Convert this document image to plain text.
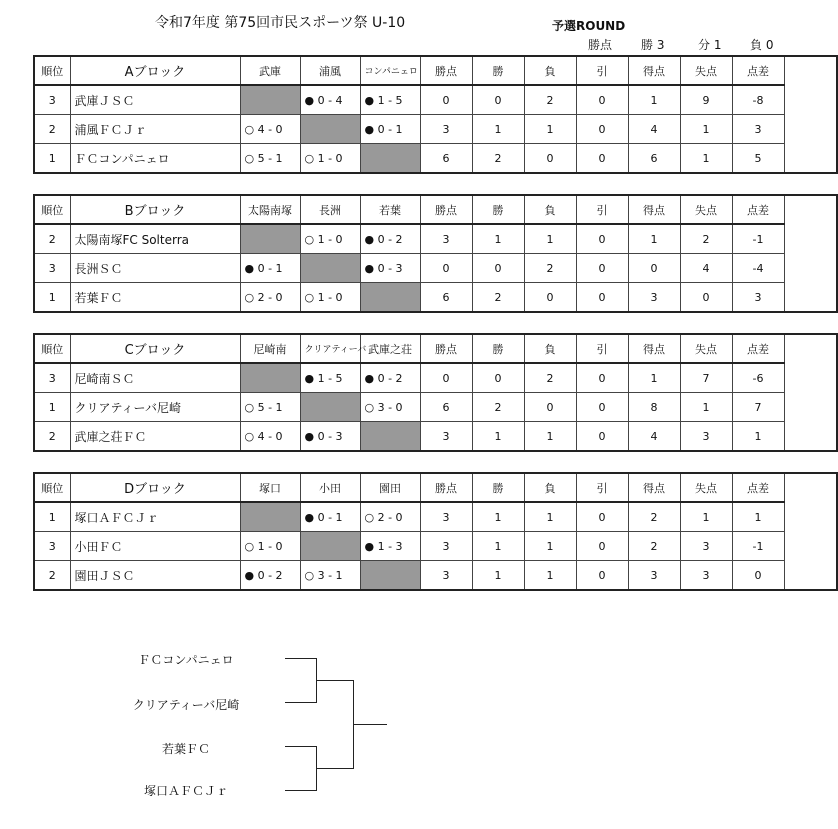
令和7年度 第75回市民スポーツ祭 U-10	予選ROUND
勝点 勝 3	分 1 負 0
順位	Aブロック	武庫	浦風	コンパニェロ	勝点	勝	負	引	得点	失点	点差
3	武庫ＪＳＣ		● 0 - 4	● 1 - 5	0	0	2	0	1	9	-8
2	浦風ＦＣＪｒ	○ 4 - 0		● 0 - 1	3	1	1	0	4	1	3
1	ＦＣコンパニェロ	○ 5 - 1	○ 1 - 0		6	2	0	0	6	1	5
順位	Bブロック	太陽南塚	長洲	若葉	勝点	勝	負	引	得点	失点	点差
2	太陽南塚FC Solterra		○ 1 - 0	● 0 - 2	3	1	1	0	1	2	-1
3	長洲ＳＣ	● 0 - 1		● 0 - 3	0	0	2	0	0	4	-4
1	若葉ＦＣ	○ 2 - 0	○ 1 - 0		6	2	0	0	3	0	3
順位	Cブロック	尼崎南	クリアティーバ	武庫之荘	勝点	勝	負	引	得点	失点	点差
3	尼崎南ＳＣ		● 1 - 5	● 0 - 2	0	0	2	0	1	7	-6
1	クリアティーバ尼崎	○ 5 - 1		○ 3 - 0	6	2	0	0	8	1	7
2	武庫之荘ＦＣ	○ 4 - 0	● 0 - 3		3	1	1	0	4	3	1
順位	Dブロック	塚口	小田	園田	勝点	勝	負	引	得点	失点	点差
1	塚口ＡＦＣＪｒ		● 0 - 1	○ 2 - 0	3	1	1	0	2	1	1
3	小田ＦＣ	○ 1 - 0		● 1 - 3	3	1	1	0	2	3	-1
2	園田ＪＳＣ	● 0 - 2	○ 3 - 1		3	1	1	0	3	3	0
ＦＣコンパニェロ
クリアティーバ尼崎
若葉ＦＣ
塚口ＡＦＣＪｒ
